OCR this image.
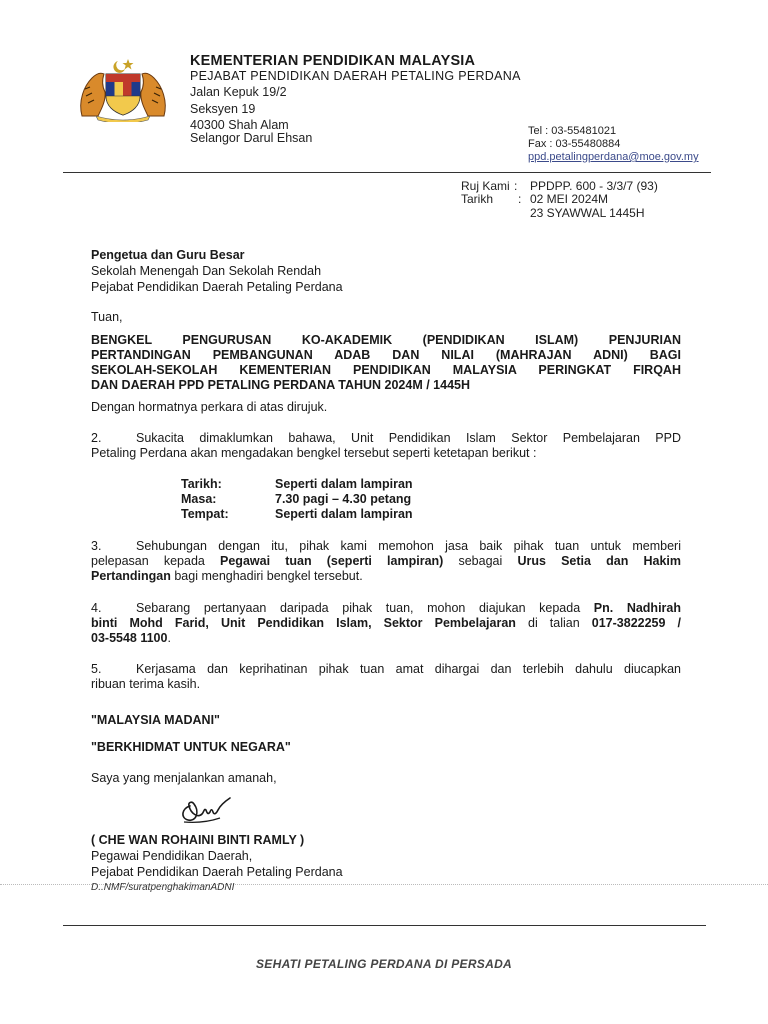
KEMENTERIAN PENDIDIKAN MALAYSIA
PEJABAT PENDIDIKAN DAERAH PETALING PERDANA
Jalan Kepuk 19/2
Seksyen 19
40300 Shah Alam
Selangor Darul Ehsan	Tel : 03-55481021
Fax : 03-55480884
ppd.petalingperdana@moe.gov.my
Ruj Kami : PPDPP. 600 - 3/3/7 (93)
Tarikh : 02 MEI 2024M
23 SYAWWAL 1445H
Pengetua dan Guru Besar
Sekolah Menengah Dan Sekolah Rendah
Pejabat Pendidikan Daerah Petaling Perdana
Tuan,
BENGKEL PENGURUSAN KO-AKADEMIK (PENDIDIKAN ISLAM) PENJURIAN
PERTANDINGAN PEMBANGUNAN ADAB DAN NILAI (MAHRAJAN ADNI) BAGI
SEKOLAH-SEKOLAH KEMENTERIAN PENDIDIKAN MALAYSIA PERINGKAT FIRQAH
DAN DAERAH PPD PETALING PERDANA TAHUN 2024M / 1445H
Dengan hormatnya perkara di atas dirujuk.
2.	Sukacita dimaklumkan bahawa, Unit Pendidikan Islam Sektor Pembelajaran PPD
Petaling Perdana akan mengadakan bengkel tersebut seperti ketetapan berikut :
Tarikh:	Seperti dalam lampiran
Masa:	7.30 pagi – 4.30 petang
Tempat:	Seperti dalam lampiran
3.	Sehubungan dengan itu, pihak kami memohon jasa baik pihak tuan untuk memberi
pelepasan kepada Pegawai tuan (seperti lampiran) sebagai Urus Setia dan Hakim
Pertandingan bagi menghadiri bengkel tersebut.
4.	Sebarang pertanyaan daripada pihak tuan, mohon diajukan kepada Pn. Nadhirah
binti Mohd Farid, Unit Pendidikan Islam, Sektor Pembelajaran di talian 017-3822259 /
03-5548 1100.
5.	Kerjasama dan keprihatinan pihak tuan amat dihargai dan terlebih dahulu diucapkan
ribuan terima kasih.
"MALAYSIA MADANI"
"BERKHIDMAT UNTUK NEGARA"
Saya yang menjalankan amanah,
( CHE WAN ROHAINI BINTI RAMLY )
Pegawai Pendidikan Daerah,
Pejabat Pendidikan Daerah Petaling Perdana
D..NMF/suratpenghakimanADNI
SEHATI PETALING PERDANA DI PERSADA
